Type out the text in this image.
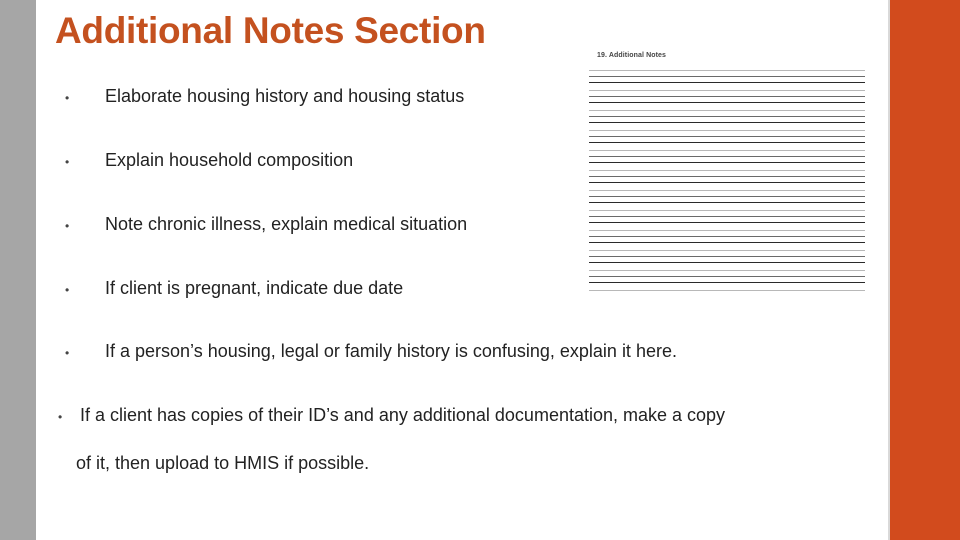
Additional Notes Section
•	Elaborate housing history and housing status
•	Explain household composition
•	Note chronic illness, explain medical situation
•	If client is pregnant, indicate due date
•	If a person’s housing, legal or family history is confusing, explain it here.
• If a client has copies of their ID’s and any additional documentation, make a copy
of it, then upload to HMIS if possible.
19. Additional Notes
